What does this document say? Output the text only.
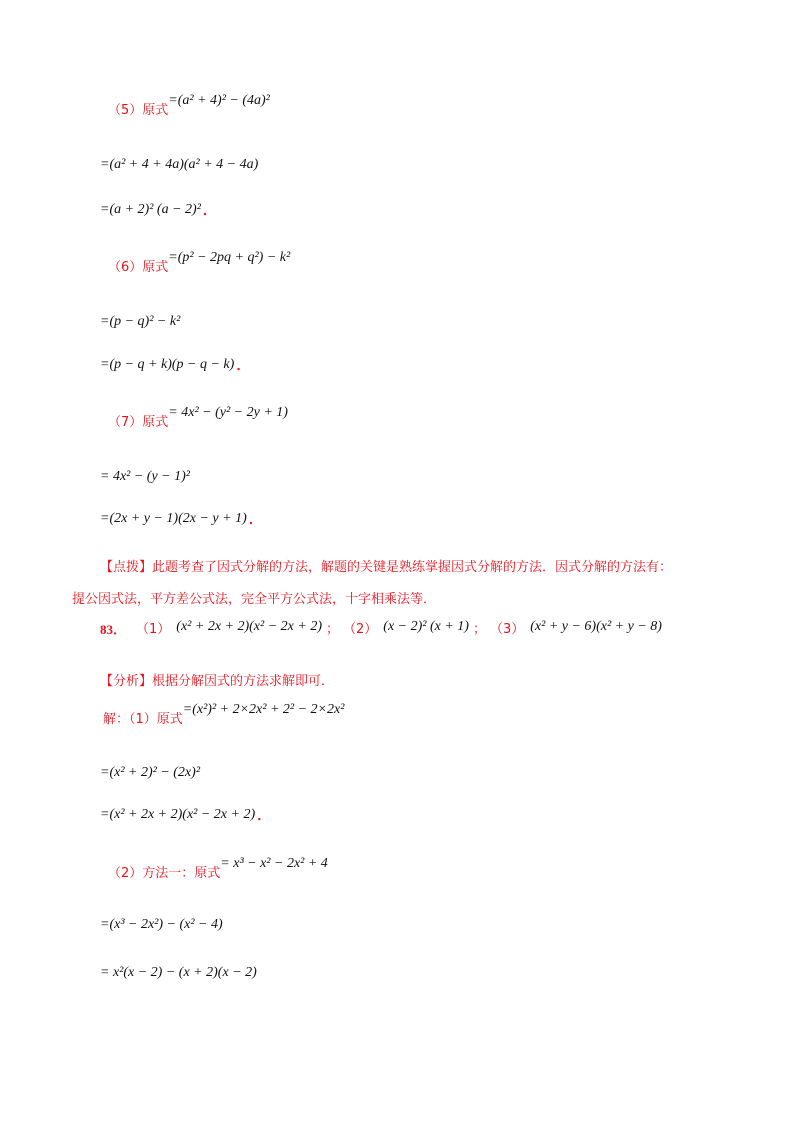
（5）原式
=(a² + 4)² − (4a)²
=(a² + 4 + 4a)(a² + 4 − 4a)
=(a + 2)² (a − 2)² ．
（6）原式
=(p² − 2pq + q²) − k²
=(p − q)² − k²
=(p − q + k)(p − q − k) ．
（7）原式
= 4x² − (y² − 2y + 1)
= 4x² − (y − 1)²
=(2x + y − 1)(2x − y + 1) ．
【点拨】此题考查了因式分解的方法，解题的关键是熟练掌握因式分解的方法．因式分解的方法有：
提公因式法，平方差公式法，完全平方公式法，十字相乘法等．
83． （1） (x² + 2x + 2)(x² − 2x + 2) ； （2） (x − 2)² (x + 1) ； （3） (x² + y − 6)(x² + y − 8)
【分析】根据分解因式的方法求解即可．
解：（1）原式
=(x²)² + 2×2x² + 2² − 2×2x²
=(x² + 2)² − (2x)²
=(x² + 2x + 2)(x² − 2x + 2) ．
（2）方法一：原式
= x³ − x² − 2x² + 4
=(x³ − 2x²) − (x² − 4)
= x²(x − 2) − (x + 2)(x − 2)
